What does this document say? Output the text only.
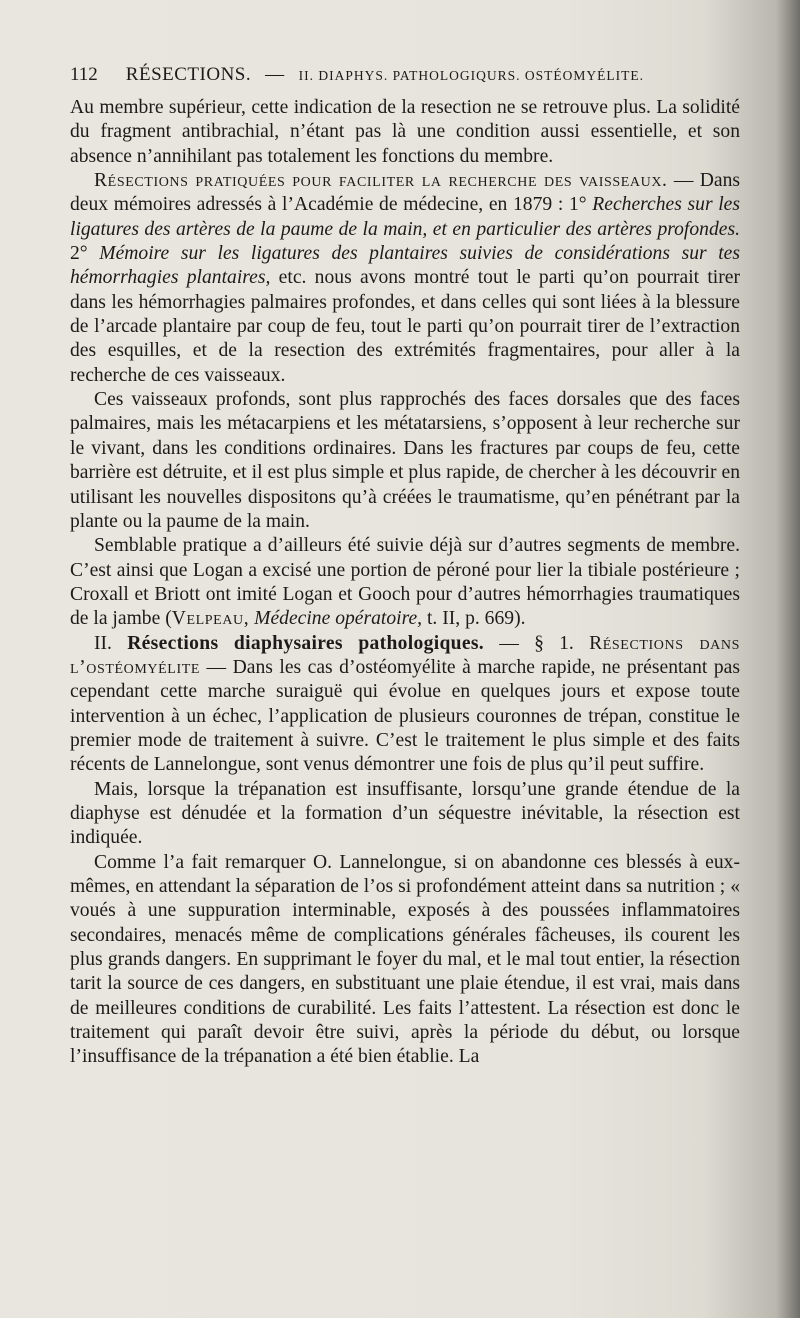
112 RÉSECTIONS. — II. DIAPHYS. PATHOLOGIQURS. OSTÉOMYÉLITE.

Au membre supérieur, cette indication de la resection ne se retrouve plus. La solidité du fragment antibrachial, n’étant pas là une condition aussi essentielle, et son absence n’annihilant pas totalement les fonctions du membre.

Résections pratiquées pour faciliter la recherche des vaisseaux. — Dans deux mémoires adressés à l’Académie de médecine, en 1879 : 1° Recherches sur les ligatures des artères de la paume de la main, et en particulier des artères profondes. 2° Mémoire sur les ligatures des plantaires suivies de considérations sur tes hémorrhagies plantaires, etc. nous avons montré tout le parti qu’on pourrait tirer dans les hémorrhagies palmaires profondes, et dans celles qui sont liées à la blessure de l’arcade plantaire par coup de feu, tout le parti qu’on pourrait tirer de l’extraction des esquilles, et de la resection des extrémités fragmentaires, pour aller à la recherche de ces vaisseaux.

Ces vaisseaux profonds, sont plus rapprochés des faces dorsales que des faces palmaires, mais les métacarpiens et les métatarsiens, s’opposent à leur recherche sur le vivant, dans les conditions ordinaires. Dans les fractures par coups de feu, cette barrière est détruite, et il est plus simple et plus rapide, de chercher à les découvrir en utilisant les nouvelles dispositons qu’à créées le traumatisme, qu’en pénétrant par la plante ou la paume de la main.

Semblable pratique a d’ailleurs été suivie déjà sur d’autres segments de membre. C’est ainsi que Logan a excisé une portion de péroné pour lier la tibiale postérieure ; Croxall et Briott ont imité Logan et Gooch pour d’autres hémorrhagies traumatiques de la jambe (Velpeau, Médecine opératoire, t. II, p. 669).

II. Résections diaphysaires pathologiques. — § 1. Résections dans l’ostéomyélite — Dans les cas d’ostéomyélite à marche rapide, ne présentant pas cependant cette marche suraiguë qui évolue en quelques jours et expose toute intervention à un échec, l’application de plusieurs couronnes de trépan, constitue le premier mode de traitement à suivre. C’est le traitement le plus simple et des faits récents de Lannelongue, sont venus démontrer une fois de plus qu’il peut suffire.

Mais, lorsque la trépanation est insuffisante, lorsqu’une grande étendue de la diaphyse est dénudée et la formation d’un séquestre inévitable, la résection est indiquée.

Comme l’a fait remarquer O. Lannelongue, si on abandonne ces blessés à eux-mêmes, en attendant la séparation de l’os si profondément atteint dans sa nutrition ; « voués à une suppuration interminable, exposés à des poussées inflammatoires secondaires, menacés même de complications générales fâcheuses, ils courent les plus grands dangers. En supprimant le foyer du mal, et le mal tout entier, la résection tarit la source de ces dangers, en substituant une plaie étendue, il est vrai, mais dans de meilleures conditions de curabilité. Les faits l’attestent. La résection est donc le traitement qui paraît devoir être suivi, après la période du début, ou lorsque l’insuffisance de la trépanation a été bien établie. La
